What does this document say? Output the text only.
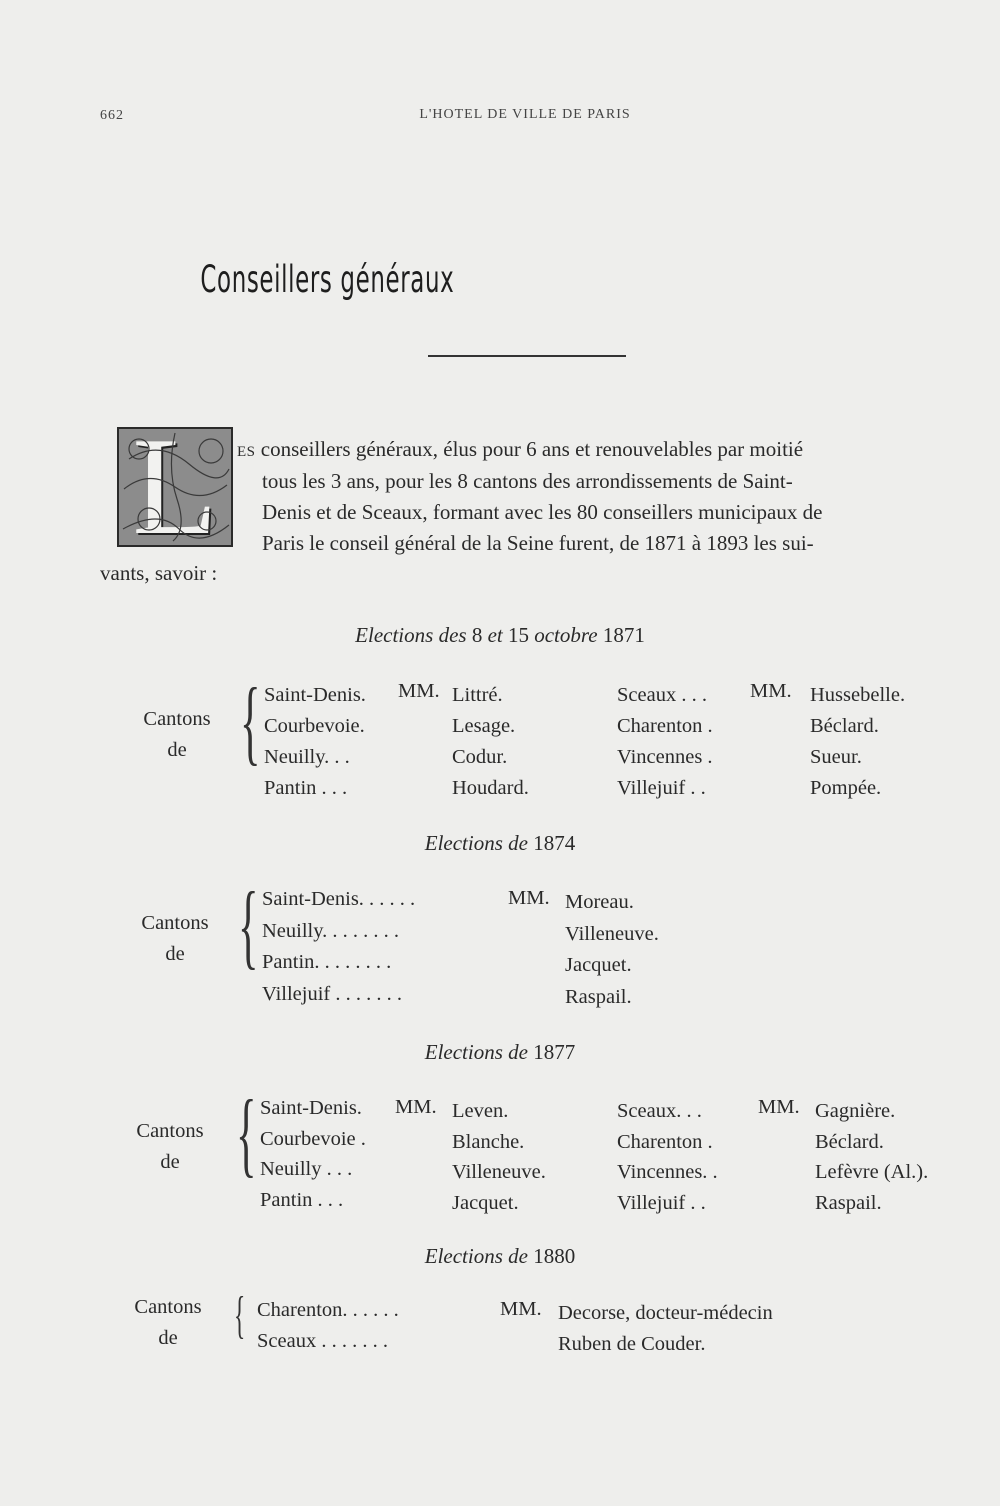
662	L'HOTEL DE VILLE DE PARIS
Conseillers généraux
L ES conseillers généraux, élus pour 6 ans et renouvelables par moitié
tous les 3 ans, pour les 8 cantons des arrondissements de Saint-
Denis et de Sceaux, formant avec les 80 conseillers municipaux de
Paris le conseil général de la Seine furent, de 1871 à 1893 les sui-
vants, savoir :
Elections des 8 et 15 octobre 1871
Cantons
de { Saint-Denis.
Courbevoie.
Neuilly. . .
Pantin . . .
MM. Littré.
Lesage.
Codur.
Houdard.
Sceaux . . .
Charenton .
Vincennes .
Villejuif . .
MM. Hussebelle.
Béclard.
Sueur.
Pompée.
Elections de 1874
Cantons
de { Saint-Denis. . . . . .
Neuilly. . . . . . . .
Pantin. . . . . . . .
Villejuif . . . . . . .
MM. Moreau.
Villeneuve.
Jacquet.
Raspail.
Elections de 1877
Cantons
de { Saint-Denis.
Courbevoie .
Neuilly . . .
Pantin . . .
MM. Leven.
Blanche.
Villeneuve.
Jacquet.
Sceaux. . .
Charenton .
Vincennes. .
Villejuif . .
MM. Gagnière.
Béclard.
Lefèvre (Al.).
Raspail.
Elections de 1880
Cantons
de	{ Charenton. . . . . .
Sceaux . . . . . . .
MM. Decorse, docteur-médecin
Ruben de Couder.
